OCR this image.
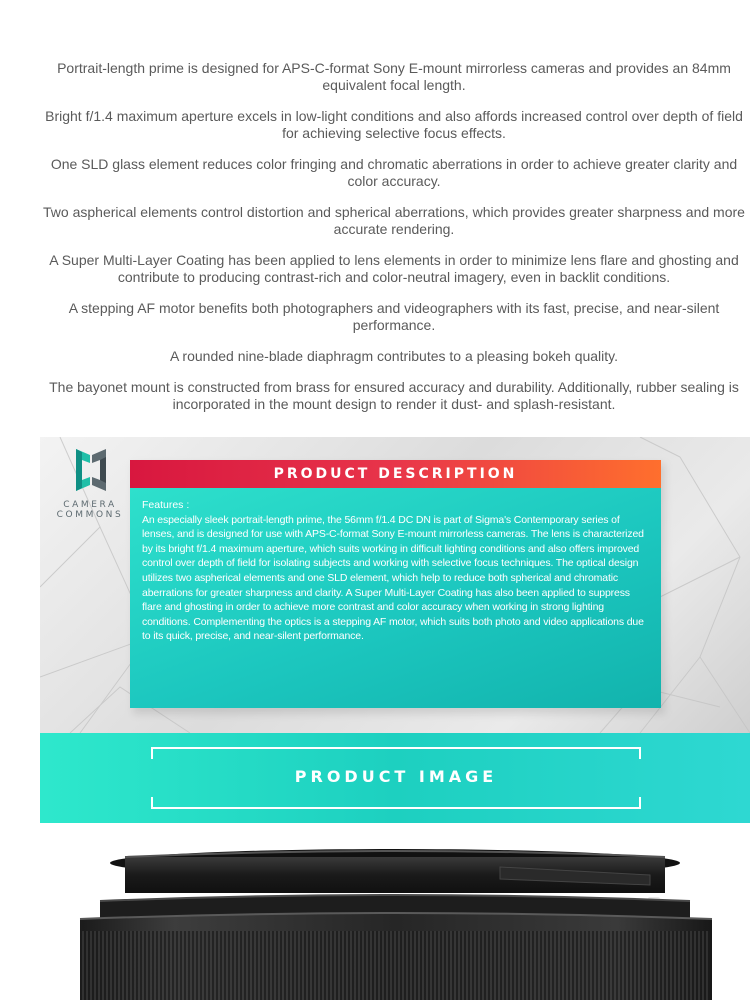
Portrait-length prime is designed for APS-C-format Sony E-mount mirrorless cameras and provides an 84mm equivalent focal length.

Bright f/1.4 maximum aperture excels in low-light conditions and also affords increased control over depth of field for achieving selective focus effects.

One SLD glass element reduces color fringing and chromatic aberrations in order to achieve greater clarity and color accuracy.

Two aspherical elements control distortion and spherical aberrations, which provides greater sharpness and more accurate rendering.

A Super Multi-Layer Coating has been applied to lens elements in order to minimize lens flare and ghosting and contribute to producing contrast-rich and color-neutral imagery, even in backlit conditions.

A stepping AF motor benefits both photographers and videographers with its fast, precise, and near-silent performance.

A rounded nine-blade diaphragm contributes to a pleasing bokeh quality.

The bayonet mount is constructed from brass for ensured accuracy and durability. Additionally, rubber sealing is incorporated in the mount design to render it dust- and splash-resistant.

CAMERA COMMONS
PRODUCT DESCRIPTION
Features :
An especially sleek portrait-length prime, the 56mm f/1.4 DC DN is part of Sigma's Contemporary series of lenses, and is designed for use with APS-C-format Sony E-mount mirrorless cameras. The lens is characterized by its bright f/1.4 maximum aperture, which suits working in difficult lighting conditions and also offers improved control over depth of field for isolating subjects and working with selective focus techniques. The optical design utilizes two aspherical elements and one SLD element, which help to reduce both spherical and chromatic aberrations for greater sharpness and clarity. A Super Multi-Layer Coating has also been applied to suppress flare and ghosting in order to achieve more contrast and color accuracy when working in strong lighting conditions. Complementing the optics is a stepping AF motor, which suits both photo and video applications due to its quick, precise, and near-silent performance.
PRODUCT IMAGE
